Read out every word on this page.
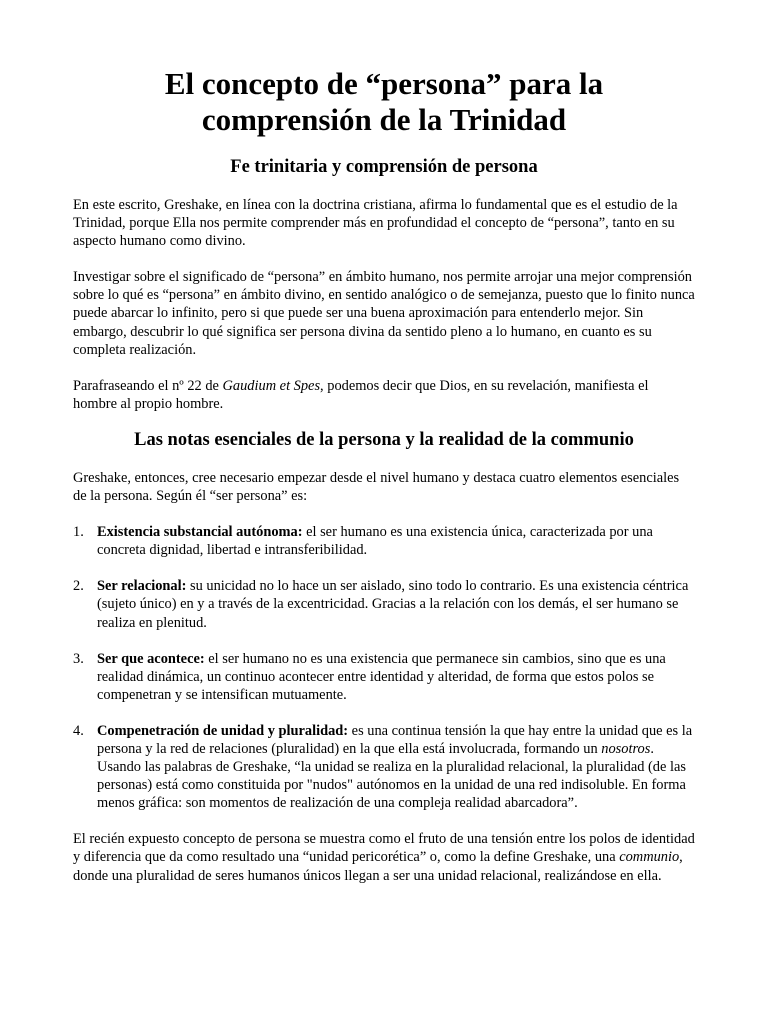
El concepto de “persona” para la
comprensión de la Trinidad
Fe trinitaria y comprensión de persona

En este escrito, Greshake, en línea con la doctrina cristiana, afirma lo fundamental que es el estudio de la Trinidad, porque Ella nos permite comprender más en profundidad el concepto de “persona”, tanto en su aspecto humano como divino.

Investigar sobre el significado de “persona” en ámbito humano, nos permite arrojar una mejor comprensión sobre lo qué es “persona” en ámbito divino, en sentido analógico o de semejanza, puesto que lo finito nunca puede abarcar lo infinito, pero si que puede ser una buena aproximación para entenderlo mejor. Sin embargo, descubrir lo qué significa ser persona divina da sentido pleno a lo humano, en cuanto es su completa realización.

Parafraseando el nº 22 de Gaudium et Spes, podemos decir que Dios, en su revelación, manifiesta el hombre al propio hombre.

Las notas esenciales de la persona y la realidad de la communio

Greshake, entonces, cree necesario empezar desde el nivel humano y destaca cuatro elementos esenciales de la persona. Según él “ser persona” es:

1. Existencia substancial autónoma: el ser humano es una existencia única, caracterizada por una concreta dignidad, libertad e intransferibilidad.
2. Ser relacional: su unicidad no lo hace un ser aislado, sino todo lo contrario. Es una existencia céntrica (sujeto único) en y a través de la excentricidad. Gracias a la relación con los demás, el ser humano se realiza en plenitud.
3. Ser que acontece: el ser humano no es una existencia que permanece sin cambios, sino que es una realidad dinámica, un continuo acontecer entre identidad y alteridad, de forma que estos polos se compenetran y se intensifican mutuamente.
4. Compenetración de unidad y pluralidad: es una continua tensión la que hay entre la unidad que es la persona y la red de relaciones (pluralidad) en la que ella está involucrada, formando un nosotros. Usando las palabras de Greshake, “la unidad se realiza en la pluralidad relacional, la pluralidad (de las personas) está como constituida por "nudos" autónomos en la unidad de una red indisoluble. En forma menos gráfica: son momentos de realización de una compleja realidad abarcadora”.

El recién expuesto concepto de persona se muestra como el fruto de una tensión entre los polos de identidad y diferencia que da como resultado una “unidad pericorética” o, como la define Greshake, una communio, donde una pluralidad de seres humanos únicos llegan a ser una unidad relacional, realizándose en ella.
